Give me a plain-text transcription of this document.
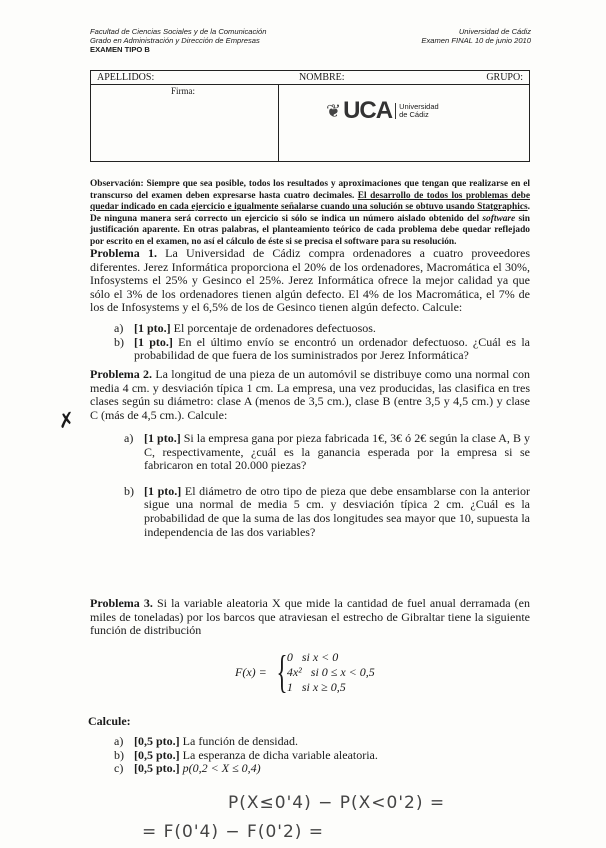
Facultad de Ciencias Sociales y de la Comunicación
Grado en Administración y Dirección de Empresas
EXAMEN TIPO B
Universidad de Cádiz
Examen FINAL 10 de junio 2010
APELLIDOS:	NOMBRE:	GRUPO:
Firma:
❦ UCA Universidad
de Cádiz
Observación: Siempre que sea posible, todos los resultados y aproximaciones que tengan que realizarse en el transcurso del examen deben expresarse hasta cuatro decimales. El desarrollo de todos los problemas debe quedar indicado en cada ejercicio e igualmente señalarse cuando una solución se obtuvo usando Statgraphics. De ninguna manera será correcto un ejercicio si sólo se indica un número aislado obtenido del software sin justificación aparente. En otras palabras, el planteamiento teórico de cada problema debe quedar reflejado por escrito en el examen, no así el cálculo de éste si se precisa el software para su resolución.
Problema 1. La Universidad de Cádiz compra ordenadores a cuatro proveedores diferentes. Jerez Informática proporciona el 20% de los ordenadores, Macromática el 30%, Infosystems el 25% y Gesinco el 25%. Jerez Informática ofrece la mejor calidad ya que sólo el 3% de los ordenadores tienen algún defecto. El 4% de los Macromática, el 7% de los de Infosystems y el 6,5% de los de Gesinco tienen algún defecto. Calcule:
a) [1 pto.] El porcentaje de ordenadores defectuosos.
b) [1 pto.] En el último envío se encontró un ordenador defectuoso. ¿Cuál es la probabilidad de que fuera de los suministrados por Jerez Informática?
✗
Problema 2. La longitud de una pieza de un automóvil se distribuye como una normal con media 4 cm. y desviación típica 1 cm. La empresa, una vez producidas, las clasifica en tres clases según su diámetro: clase A (menos de 3,5 cm.), clase B (entre 3,5 y 4,5 cm.) y clase C (más de 4,5 cm.). Calcule:
a) [1 pto.] Si la empresa gana por pieza fabricada 1€, 3€ ó 2€ según la clase A, B y C, respectivamente, ¿cuál es la ganancia esperada por la empresa si se fabricaron en total 20.000 piezas?
b) [1 pto.] El diámetro de otro tipo de pieza que debe ensamblarse con la anterior sigue una normal de media 5 cm. y desviación típica 2 cm. ¿Cuál es la probabilidad de que la suma de las dos longitudes sea mayor que 10, supuesta la independencia de las dos variables?
Problema 3. Si la variable aleatoria X que mide la cantidad de fuel anual derramada (en miles de toneladas) por los barcos que atraviesan el estrecho de Gibraltar tiene la siguiente función de distribución
F(x) = { 0   si x < 0
4x²   si 0 ≤ x < 0,5
1   si x ≥ 0,5
Calcule:
a) [0,5 pto.] La función de densidad.
b) [0,5 pto.] La esperanza de dicha variable aleatoria.
c) [0,5 pto.] p(0,2 < X ≤ 0,4)
P(X≤0'4) − P(X<0'2) =
= F(0'4) − F(0'2) =
